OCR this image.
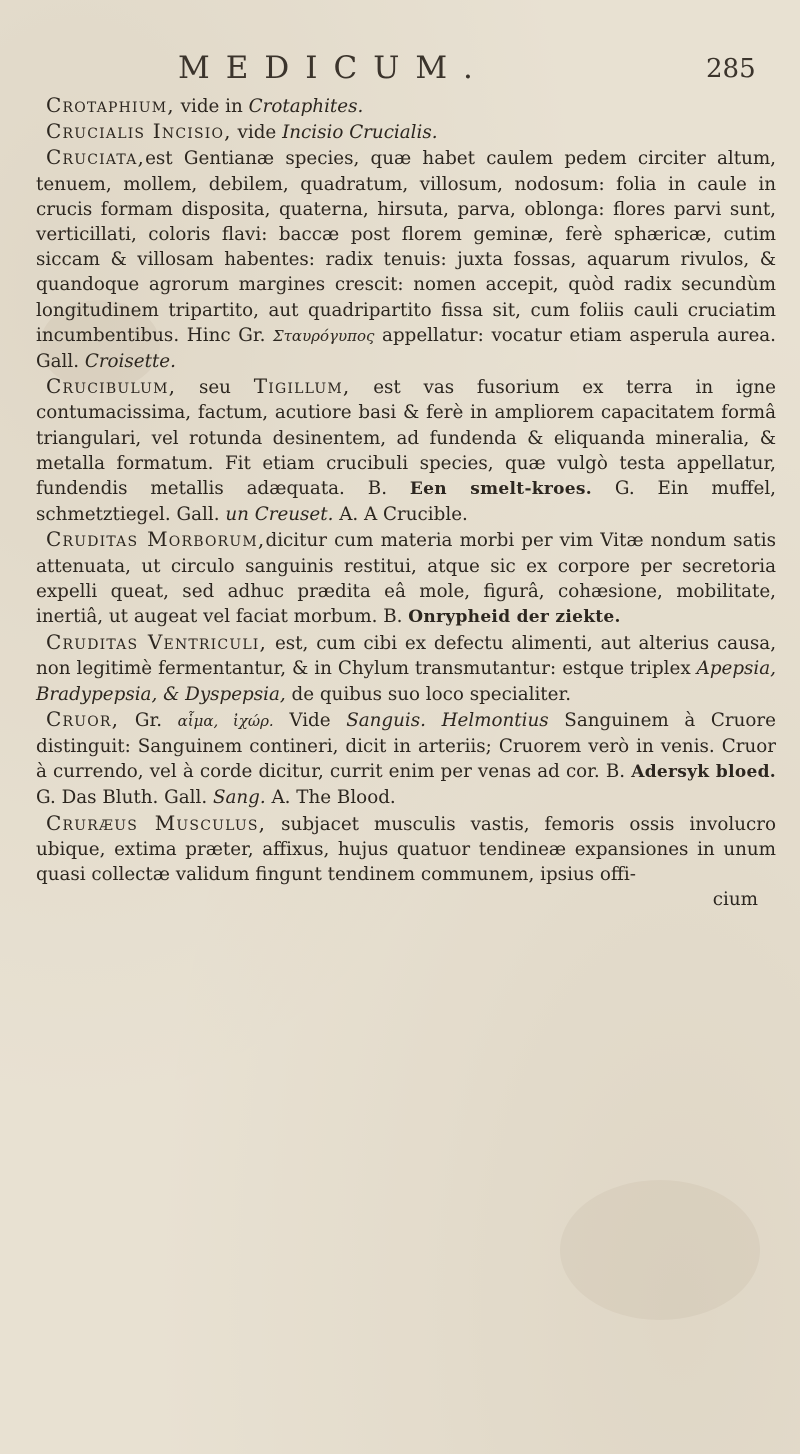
MEDICUM.	285

Crotaphium, vide in Crotaphites.

Crucialis Incisio, vide Incisio Crucialis.

Cruciata,est Gentianæ species, quæ habet caulem pedem circiter altum, tenuem, mollem, debilem, quadratum, villosum, nodosum: folia in caule in crucis formam disposita, quaterna, hirsuta, parva, oblonga: flores parvi sunt, verticillati, coloris flavi: baccæ post florem geminæ, ferè sphæricæ, cutim siccam & villosam habentes: radix tenuis: juxta fossas, aquarum rivulos, & quandoque agrorum margines crescit: nomen accepit, quòd radix secundùm longitudinem tripartito, aut quadripartito fissa sit, cum foliis cauli cruciatim incumbentibus. Hinc Gr. Σταυρόγυπος appellatur: vocatur etiam asperula aurea. Gall. Croisette.

Crucibulum, seu Tigillum, est vas fusorium ex terra in igne contumacissima, factum, acutiore basi & ferè in ampliorem capacitatem formâ triangulari, vel rotunda desinentem, ad fundenda & eliquanda mineralia, & metalla formatum. Fit etiam crucibuli species, quæ vulgò testa appellatur, fundendis metallis adæquata. B. Een smelt-kroes. G. Ein muffel, schmetztiegel. Gall. un Creuset. A. A Crucible.

Cruditas Morborum,dicitur cum materia morbi per vim Vitæ nondum satis attenuata, ut circulo sanguinis restitui, atque sic ex corpore per secretoria expelli queat, sed adhuc prædita eâ mole, figurâ, cohæsione, mobilitate, inertiâ, ut augeat vel faciat morbum. B. Onrypheid der ziekte.

Cruditas Ventriculi, est, cum cibi ex defectu alimenti, aut alterius causa, non legitimè fermentantur, & in Chylum transmutantur: estque triplex Apepsia, Bradypepsia, & Dyspepsia, de quibus suo loco specialiter.

Cruor, Gr. αἷμα, ἰχώρ. Vide Sanguis. Helmontius Sanguinem à Cruore distinguit: Sanguinem contineri, dicit in arteriis; Cruorem verò in venis. Cruor à currendo, vel à corde dicitur, currit enim per venas ad cor. B. Adersyk bloed. G. Das Bluth. Gall. Sang. A. The Blood.

Cruræus Musculus, subjacet musculis vastis, femoris ossis involucro ubique, extima præter, affixus, hujus quatuor tendineæ expansiones in unum quasi collectæ validum fingunt tendinem communem, ipsius offi-

cium
